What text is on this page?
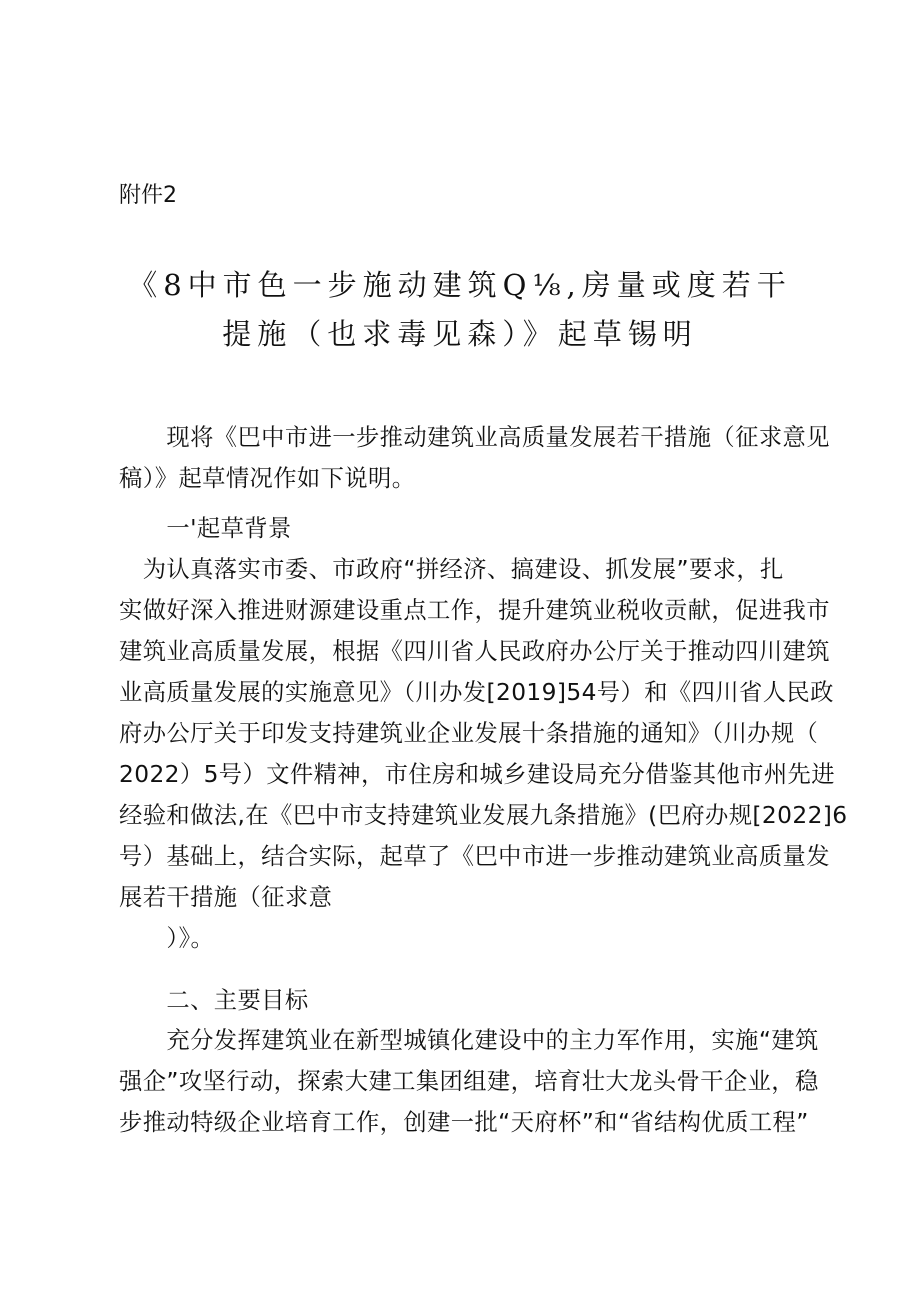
附件2
《8中市色一步施动建筑Q⅛,房量或度若干
提施（也求毒见森）》起草锡明
　　现将《巴中市进一步推动建筑业高质量发展若干措施（征求意见
稿）》起草情况作如下说明。
　　一'起草背景
　为认真落实市委、市政府“拼经济、搞建设、抓发展”要求，扎
实做好深入推进财源建设重点工作，提升建筑业税收贡献，促进我市
建筑业高质量发展，根据《四川省人民政府办公厅关于推动四川建筑
业高质量发展的实施意见》（川办发[2019]54号）和《四川省人民政
府办公厅关于印发支持建筑业企业发展十条措施的通知》（川办规（
2022）5号）文件精神，市住房和城乡建设局充分借鉴其他市州先进
经验和做法,在《巴中市支持建筑业发展九条措施》(巴府办规[2022]6
号）基础上，结合实际，起草了《巴中市进一步推动建筑业高质量发
展若干措施（征求意
　　）》。
　　二、主要目标
　　充分发挥建筑业在新型城镇化建设中的主力军作用，实施“建筑
强企”攻坚行动，探索大建工集团组建，培育壮大龙头骨干企业，稳
步推动特级企业培育工作，创建一批“天府杯”和“省结构优质工程”
